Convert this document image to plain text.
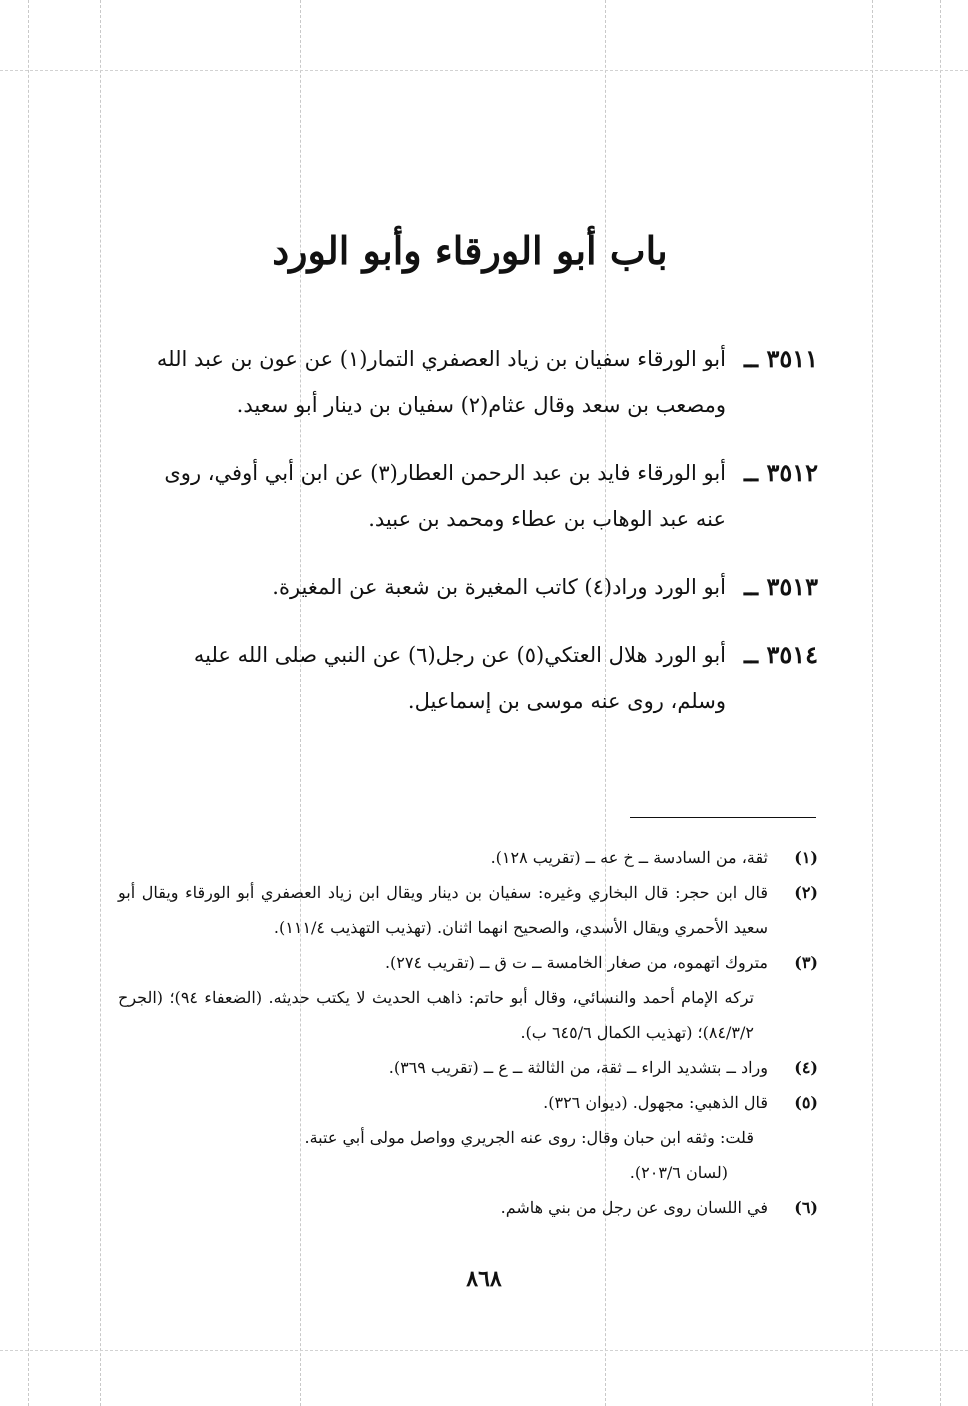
باب أبو الورقاء وأبو الورد
٣٥١١ ــ
أبو الورقاء سفيان بن زياد العصفري التمار(١) عن عون بن عبد الله
ومصعب بن سعد وقال عثام(٢) سفيان بن دينار أبو سعيد.
٣٥١٢ ــ
أبو الورقاء فايد بن عبد الرحمن العطار(٣) عن ابن أبي أوفي، روى
عنه عبد الوهاب بن عطاء ومحمد بن عبيد.
٣٥١٣ ــ
أبو الورد وراد(٤) كاتب المغيرة بن شعبة عن المغيرة.
٣٥١٤ ــ
أبو الورد هلال العتكي(٥) عن رجل(٦) عن النبي صلى الله عليه
وسلم، روى عنه موسى بن إسماعيل.
(١)
ثقة، من السادسة ــ خ عه ــ (تقريب ١٢٨).
(٢)
قال ابن حجر: قال البخاري وغيره: سفيان بن دينار ويقال ابن زياد العصفري أبو الورقاء ويقال أبو سعيد الأحمري ويقال الأسدي، والصحيح انهما اثنان. (تهذيب التهذيب ١١١/٤).
(٣)
متروك اتهموه، من صغار الخامسة ــ ت ق ــ (تقريب ٢٧٤).
تركه الإمام أحمد والنسائي، وقال أبو حاتم: ذاهب الحديث لا يكتب حديثه. (الضعفاء ٩٤)؛ (الجرح ٨٤/٣/٢)؛ (تهذيب الكمال ٦٤٥/٦ ب).
(٤)
وراد ــ بتشديد الراء ــ ثقة، من الثالثة ــ ع ــ (تقريب ٣٦٩).
(٥)
قال الذهبي: مجهول. (ديوان ٣٢٦).
قلت: وثقه ابن حبان وقال: روى عنه الجريري وواصل مولى أبي عتبة.
(لسان ٢٠٣/٦).
(٦)
في اللسان روى عن رجل من بني هاشم.
٨٦٨
